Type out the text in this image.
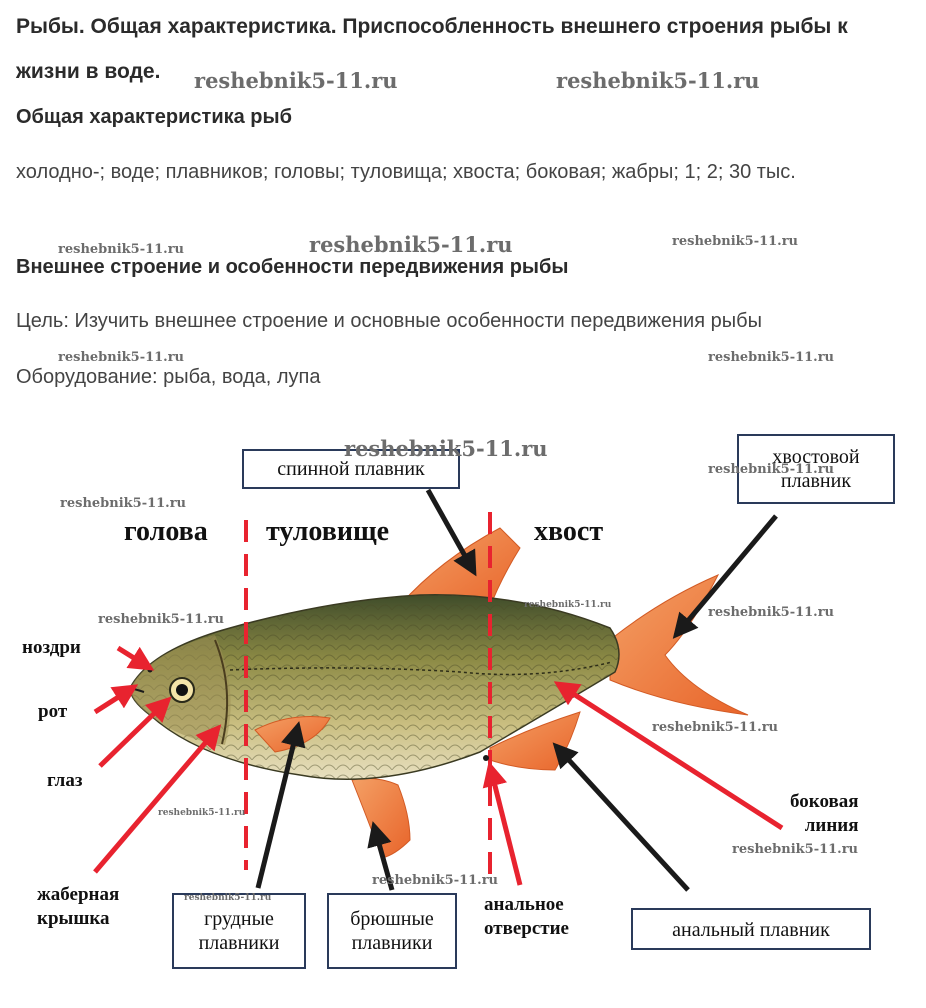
Рыбы. Общая характеристика. Приспособленность внешнего строения рыбы к жизни в воде.	reshebnik5-11.ru	reshebnik5-11.ru
Общая характеристика рыб

холодно-; воде; плавников; головы; туловища; хвоста; боковая; жабры; 1; 2; 30 тыс.

reshebnik5-11.ru	reshebnik5-11.ru	reshebnik5-11.ru
Внешнее строение и особенности передвижения рыбы

Цель: Изучить внешнее строение и основные особенности передвижения рыбы

reshebnik5-11.ru	reshebnik5-11.ru

Оборудование: рыба, вода, лупа

голова туловище	хвост
спинной плавник
хвостовой
плавник
грудные
плавники
брюшные
плавники
анальный плавник
ноздри
рот
глаз
жаберная
крышка
анальное
отверстие
боковая
линия
reshebnik5-11.ru
reshebnik5-11.ru
reshebnik5-11.ru
reshebnik5-11.ru
reshebnik5-11.ru	reshebnik5-11.ru
reshebnik5-11.ru
reshebnik5-11.ru
reshebnik5-11.ru
reshebnik5-11.ru
reshebnik5-11.ru
